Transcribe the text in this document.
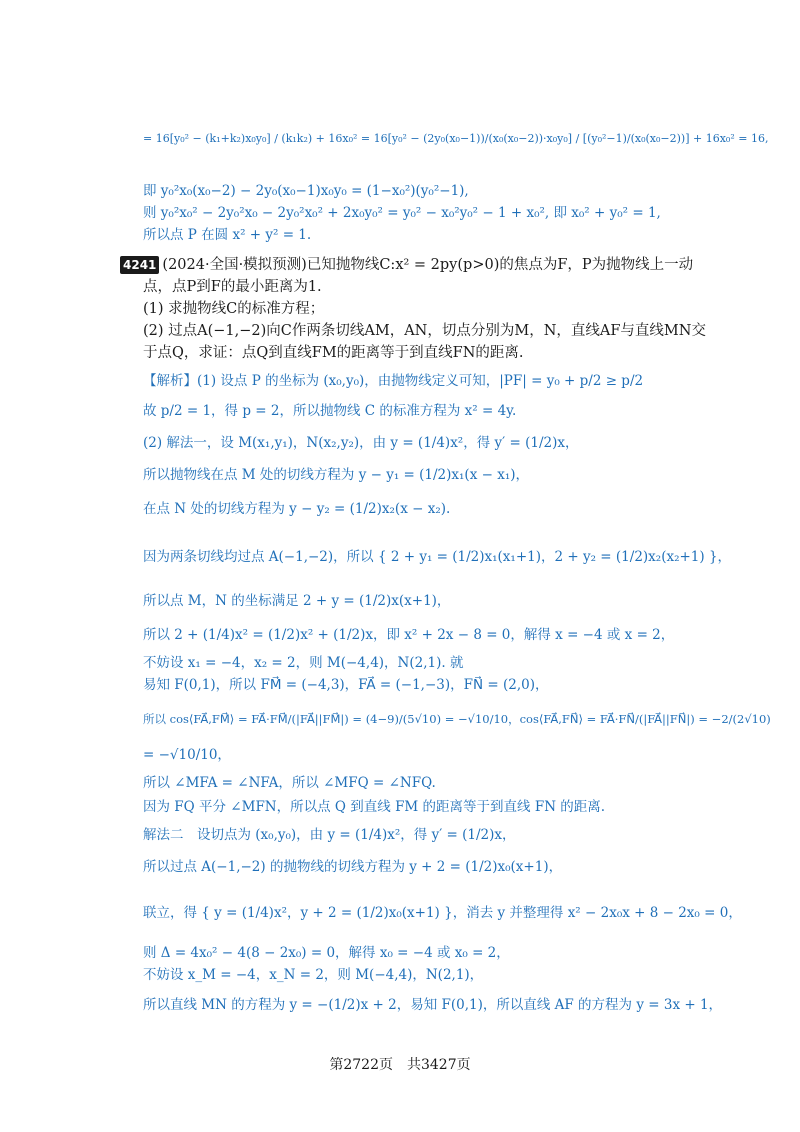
= 16[y₀² − (k₁+k₂)x₀y₀] / (k₁k₂) + 16x₀² = 16[y₀² − (2y₀(x₀−1))/(x₀(x₀−2))·x₀y₀] / [(y₀²−1)/(x₀(x₀−2))] + 16x₀² = 16,
即 y₀²x₀(x₀−2) − 2y₀(x₀−1)x₀y₀ = (1−x₀²)(y₀²−1),
则 y₀²x₀² − 2y₀²x₀ − 2y₀²x₀² + 2x₀y₀² = y₀² − x₀²y₀² − 1 + x₀², 即 x₀² + y₀² = 1,
所以点 P 在圆 x² + y² = 1.
4241 (2024·全国·模拟预测)已知抛物线C:x² = 2py(p>0)的焦点为F，P为抛物线上一动
点，点P到F的最小距离为1.
(1) 求抛物线C的标准方程；
(2) 过点A(−1,−2)向C作两条切线AM，AN，切点分别为M，N，直线AF与直线MN交
于点Q，求证：点Q到直线FM的距离等于到直线FN的距离.
【解析】(1) 设点 P 的坐标为 (x₀,y₀)，由抛物线定义可知，|PF| = y₀ + p/2 ≥ p/2
故 p/2 = 1，得 p = 2，所以抛物线 C 的标准方程为 x² = 4y.
(2) 解法一，设 M(x₁,y₁)，N(x₂,y₂)，由 y = (1/4)x²，得 y′ = (1/2)x，
所以抛物线在点 M 处的切线方程为 y − y₁ = (1/2)x₁(x − x₁)，
在点 N 处的切线方程为 y − y₂ = (1/2)x₂(x − x₂).
因为两条切线均过点 A(−1,−2)，所以 { 2 + y₁ = (1/2)x₁(x₁+1)，2 + y₂ = (1/2)x₂(x₂+1) }，
所以点 M，N 的坐标满足 2 + y = (1/2)x(x+1)，
所以 2 + (1/4)x² = (1/2)x² + (1/2)x，即 x² + 2x − 8 = 0，解得 x = −4 或 x = 2，
不妨设 x₁ = −4，x₂ = 2，则 M(−4,4)，N(2,1). 就
易知 F(0,1)，所以 FM⃗ = (−4,3)，FA⃗ = (−1,−3)，FN⃗ = (2,0)，
所以 cos⟨FA⃗,FM⃗⟩ = FA⃗·FM⃗/(|FA⃗||FM⃗|) = (4−9)/(5√10) = −√10/10，cos⟨FA⃗,FN⃗⟩ = FA⃗·FN⃗/(|FA⃗||FN⃗|) = −2/(2√10)
= −√10/10，
所以 ∠MFA = ∠NFA，所以 ∠MFQ = ∠NFQ.
因为 FQ 平分 ∠MFN，所以点 Q 到直线 FM 的距离等于到直线 FN 的距离.
解法二　设切点为 (x₀,y₀)，由 y = (1/4)x²，得 y′ = (1/2)x，
所以过点 A(−1,−2) 的抛物线的切线方程为 y + 2 = (1/2)x₀(x+1)，
联立，得 { y = (1/4)x²，y + 2 = (1/2)x₀(x+1) }，消去 y 并整理得 x² − 2x₀x + 8 − 2x₀ = 0，
则 Δ = 4x₀² − 4(8 − 2x₀) = 0，解得 x₀ = −4 或 x₀ = 2，
不妨设 x_M = −4，x_N = 2，则 M(−4,4)，N(2,1)，
所以直线 MN 的方程为 y = −(1/2)x + 2，易知 F(0,1)，所以直线 AF 的方程为 y = 3x + 1，
第2722页　共3427页
